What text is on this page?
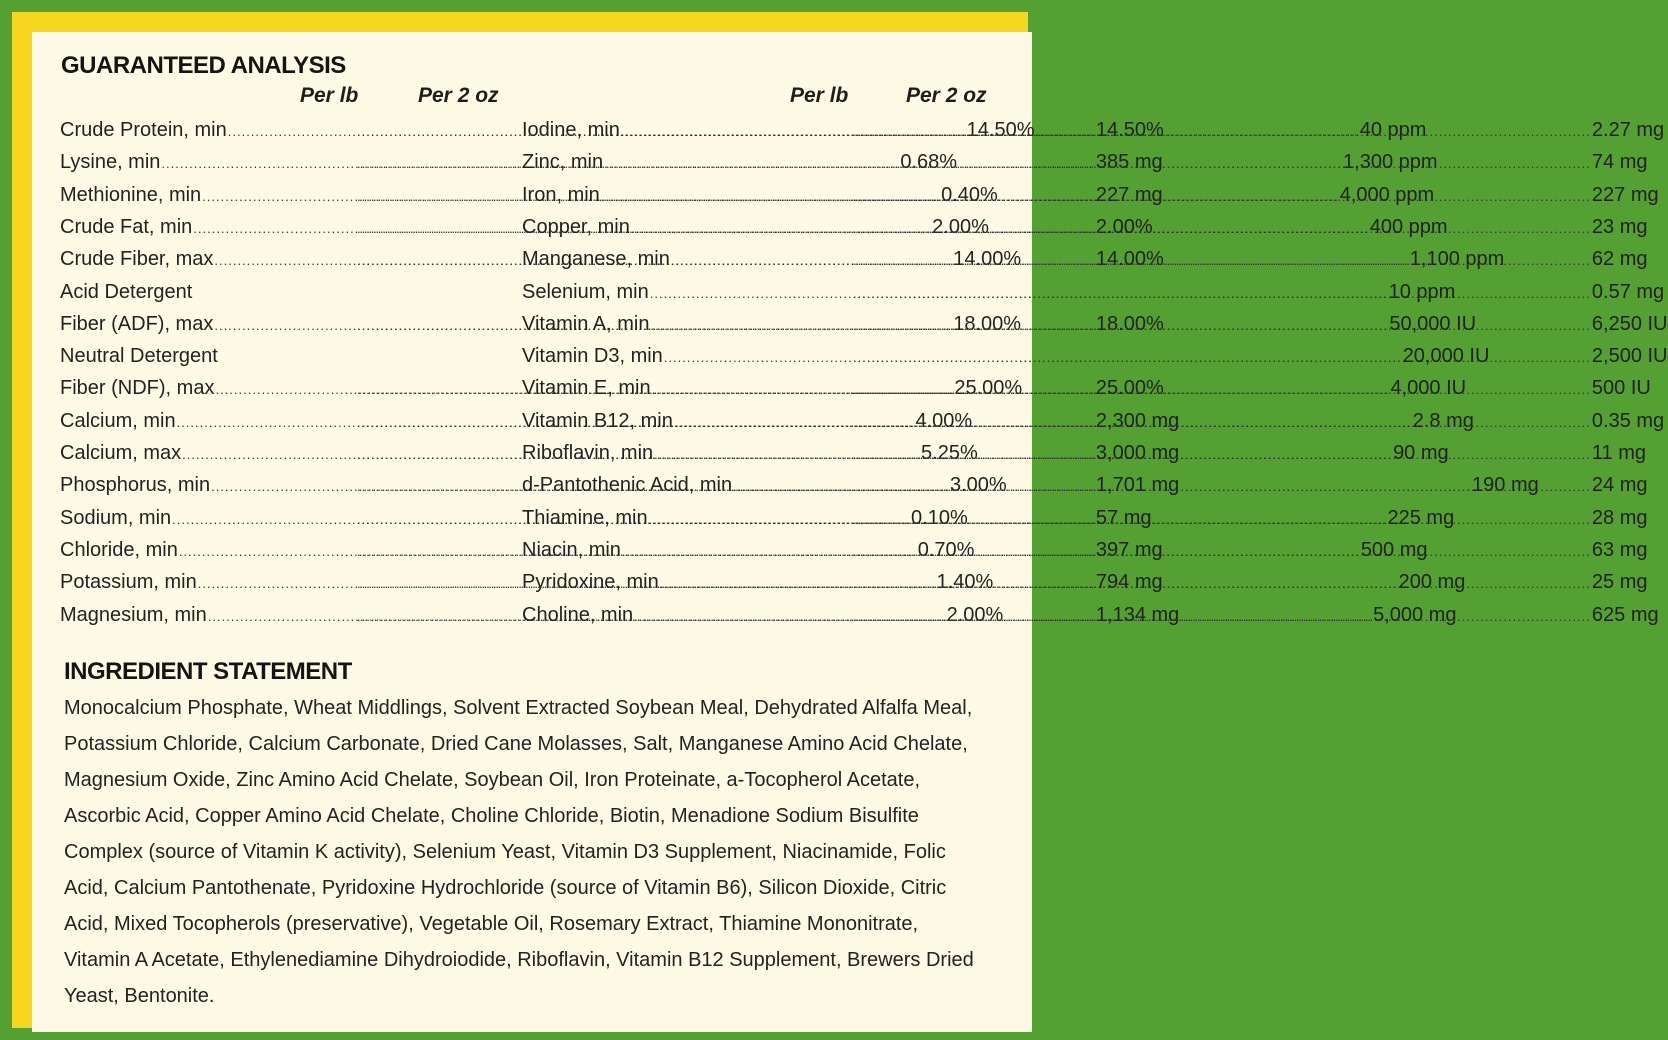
GUARANTEED ANALYSIS
Per lb	Per 2 oz	Per lb	Per 2 oz
Crude Protein, min .....	14.50% .....	14.50%
Lysine, min .....	0.68% .....	385 mg
Methionine, min .....	0.40% .....	227 mg
Crude Fat, min .....	2.00% .....	2.00%
Crude Fiber, max .....	14.00% .....	14.00%
Acid Detergent
Fiber (ADF), max .....	18.00% .....	18.00%
Neutral Detergent
Fiber (NDF), max .....	25.00% .....	25.00%
Calcium, min .....	4.00% .....	2,300 mg
Calcium, max .....	5.25% .....	3,000 mg
Phosphorus, min .....	3.00% .....	1,701 mg
Sodium, min .....	0.10% .....	57 mg
Chloride, min .....	0.70% .....	397 mg
Potassium, min .....	1.40% .....	794 mg
Magnesium, min .....	2.00% .....	1,134 mg
Iodine, min .....	40 ppm .....	2.27 mg
Zinc, min .....	1,300 ppm .....	74 mg
Iron, min .....	4,000 ppm .....	227 mg
Copper, min .....	400 ppm .....	23 mg
Manganese, min .....	1,100 ppm .....	62 mg
Selenium, min .....	10 ppm .....	0.57 mg
Vitamin A, min .....	50,000 IU .....	6,250 IU
Vitamin D3, min .....	20,000 IU .....	2,500 IU
Vitamin E, min .....	4,000 IU .....	500 IU
Vitamin B12, min .....	2.8 mg .....	0.35 mg
Riboflavin, min .....	90 mg .....	11 mg
d-Pantothenic Acid, min .....	190 mg .....	24 mg
Thiamine, min .....	225 mg .....	28 mg
Niacin, min .....	500 mg .....	63 mg
Pyridoxine, min .....	200 mg .....	25 mg
Choline, min .....	5,000 mg .....	625 mg
INGREDIENT STATEMENT
Monocalcium Phosphate, Wheat Middlings, Solvent Extracted Soybean Meal, Dehydrated Alfalfa Meal, Potassium Chloride, Calcium Carbonate, Dried Cane Molasses, Salt, Manganese Amino Acid Chelate, Magnesium Oxide, Zinc Amino Acid Chelate, Soybean Oil, Iron Proteinate, a-Tocopherol Acetate, Ascorbic Acid, Copper Amino Acid Chelate, Choline Chloride, Biotin, Menadione Sodium Bisulfite Complex (source of Vitamin K activity), Selenium Yeast, Vitamin D3 Supplement, Niacinamide, Folic Acid, Calcium Pantothenate, Pyridoxine Hydrochloride (source of Vitamin B6), Silicon Dioxide, Citric Acid, Mixed Tocopherols (preservative), Vegetable Oil, Rosemary Extract, Thiamine Mononitrate, Vitamin A Acetate, Ethylenediamine Dihydroiodide, Riboflavin, Vitamin B12 Supplement, Brewers Dried Yeast, Bentonite.
